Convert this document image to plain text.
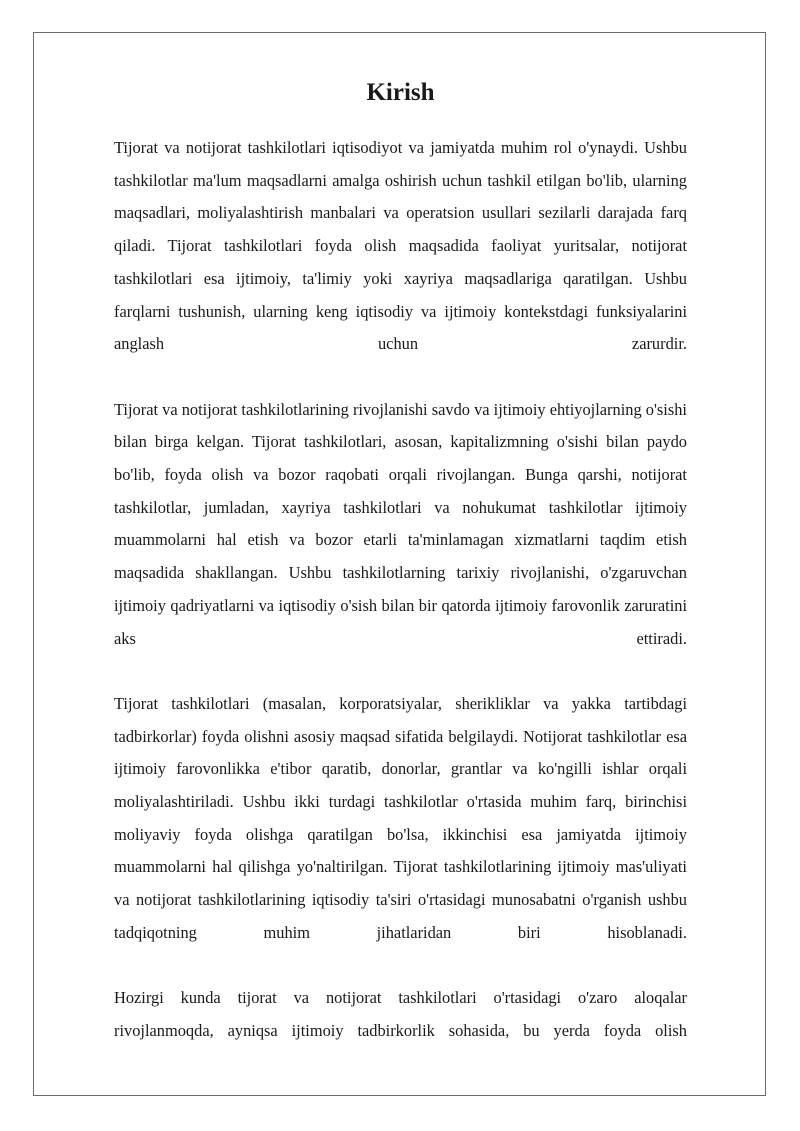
Kirish

Tijorat va notijorat tashkilotlari iqtisodiyot va jamiyatda muhim rol o'ynaydi. Ushbu tashkilotlar ma'lum maqsadlarni amalga oshirish uchun tashkil etilgan bo'lib, ularning maqsadlari, moliyalashtirish manbalari va operatsion usullari sezilarli darajada farq qiladi. Tijorat tashkilotlari foyda olish maqsadida faoliyat yuritsalar, notijorat tashkilotlari esa ijtimoiy, ta'limiy yoki xayriya maqsadlariga qaratilgan. Ushbu farqlarni tushunish, ularning keng iqtisodiy va ijtimoiy kontekstdagi funksiyalarini anglash uchun zarurdir.

Tijorat va notijorat tashkilotlarining rivojlanishi savdo va ijtimoiy ehtiyojlarning o'sishi bilan birga kelgan. Tijorat tashkilotlari, asosan, kapitalizmning o'sishi bilan paydo bo'lib, foyda olish va bozor raqobati orqali rivojlangan. Bunga qarshi, notijorat tashkilotlar, jumladan, xayriya tashkilotlari va nohukumat tashkilotlar ijtimoiy muammolarni hal etish va bozor etarli ta'minlamagan xizmatlarni taqdim etish maqsadida shakllangan. Ushbu tashkilotlarning tarixiy rivojlanishi, o'zgaruvchan ijtimoiy qadriyatlarni va iqtisodiy o'sish bilan bir qatorda ijtimoiy farovonlik zaruratini aks ettiradi.

Tijorat tashkilotlari (masalan, korporatsiyalar, sherikliklar va yakka tartibdagi tadbirkorlar) foyda olishni asosiy maqsad sifatida belgilaydi. Notijorat tashkilotlar esa ijtimoiy farovonlikka e'tibor qaratib, donorlar, grantlar va ko'ngilli ishlar orqali moliyalashtiriladi. Ushbu ikki turdagi tashkilotlar o'rtasida muhim farq, birinchisi moliyaviy foyda olishga qaratilgan bo'lsa, ikkinchisi esa jamiyatda ijtimoiy muammolarni hal qilishga yo'naltirilgan. Tijorat tashkilotlarining ijtimoiy mas'uliyati va notijorat tashkilotlarining iqtisodiy ta'siri o'rtasidagi munosabatni o'rganish ushbu tadqiqotning muhim jihatlaridan biri hisoblanadi.

Hozirgi kunda tijorat va notijorat tashkilotlari o'rtasidagi o'zaro aloqalar rivojlanmoqda, ayniqsa ijtimoiy tadbirkorlik sohasida, bu yerda foyda olish
